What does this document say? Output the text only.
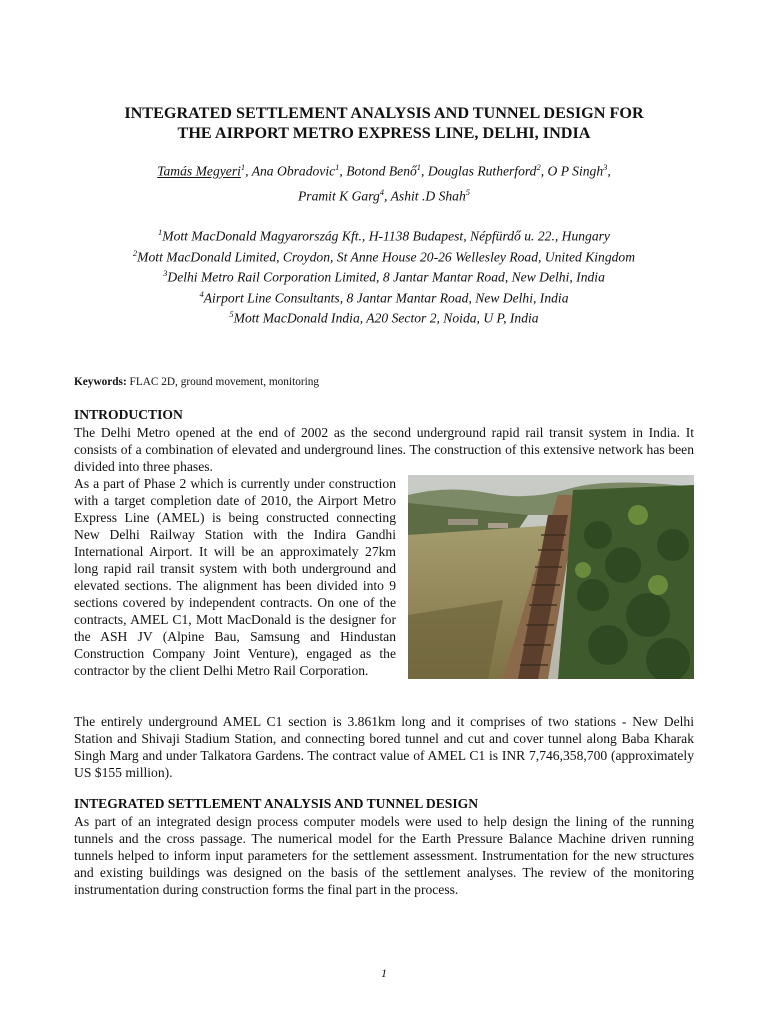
INTEGRATED SETTLEMENT ANALYSIS AND TUNNEL DESIGN FOR
THE AIRPORT METRO EXPRESS LINE, DELHI, INDIA
Tamás Megyeri$^1$, Ana Obradovic$^1$, Botond Benő$^1$, Douglas Rutherford$^2$, O P Singh$^3$,
Pramit K Garg$^4$, Ashit .D Shah$^5$
$^1$Mott MacDonald Magyarország Kft., H-1138 Budapest, Népfürdő u. 22., Hungary
$^2$Mott MacDonald Limited, Croydon, St Anne House 20-26 Wellesley Road, United Kingdom
$^3$Delhi Metro Rail Corporation Limited, 8 Jantar Mantar Road, New Delhi, India
$^4$Airport Line Consultants, 8 Jantar Mantar Road, New Delhi, India
$^5$Mott MacDonald India, A20 Sector 2, Noida, U P, India
Keywords: FLAC 2D, ground movement, monitoring
INTRODUCTION
The Delhi Metro opened at the end of 2002 as the second underground rapid rail transit system in India. It consists of a combination of elevated and underground lines. The construction of this extensive network has been divided into three phases.
As a part of Phase 2 which is currently under construction with a target completion date of 2010, the Airport Metro Express Line (AMEL) is being constructed connecting New Delhi Railway Station with the Indira Gandhi International Airport. It will be an approximately 27km long rapid rail transit system with both underground and elevated sections. The alignment has been divided into 9 sections covered by independent contracts. On one of the contracts, AMEL C1, Mott MacDonald is the designer for the ASH JV (Alpine Bau, Samsung and Hindustan Construction Company Joint Venture), engaged as the contractor by the client Delhi Metro Rail Corporation.
The entirely underground AMEL C1 section is 3.861km long and it comprises of two stations - New Delhi Station and Shivaji Stadium Station, and connecting bored tunnel and cut and cover tunnel along Baba Kharak Singh Marg and under Talkatora Gardens. The contract value of AMEL C1 is INR 7,746,358,700 (approximately US $155 million).
INTEGRATED SETTLEMENT ANALYSIS AND TUNNEL DESIGN
As part of an integrated design process computer models were used to help design the lining of the running tunnels and the cross passage. The numerical model for the Earth Pressure Balance Machine driven running tunnels helped to inform input parameters for the settlement assessment. Instrumentation for the new structures and existing buildings was designed on the basis of the settlement analyses. The review of the monitoring instrumentation during construction forms the final part in the process.
1
